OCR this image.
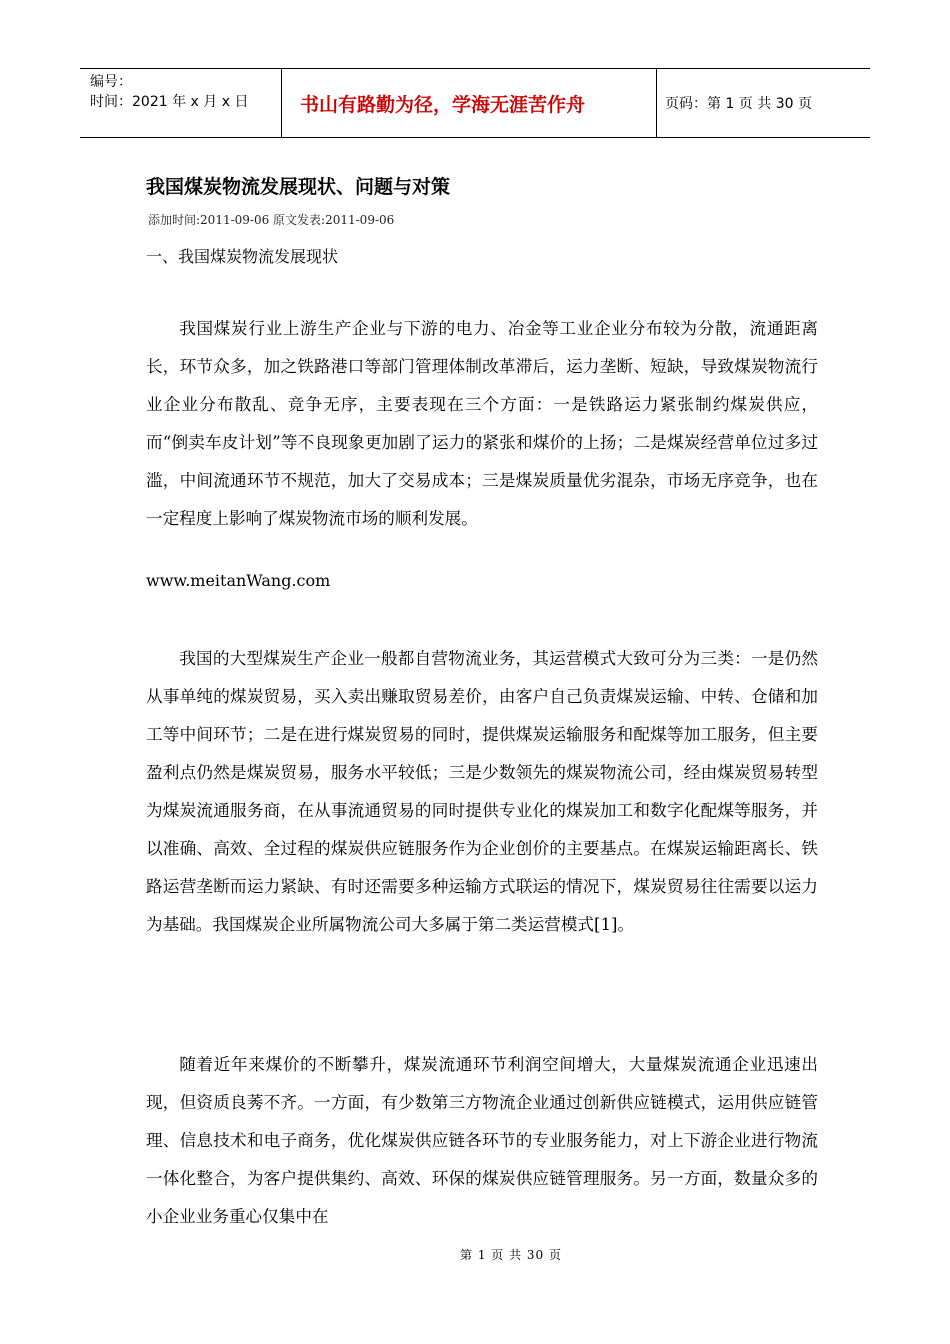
编号：
时间：2021 年 x 月 x 日	书山有路勤为径，学海无涯苦作舟	页码：第 1 页 共 30 页
我国煤炭物流发展现状、问题与对策
添加时间:2011-09-06 原文发表:2011-09-06
一、我国煤炭物流发展现状
我国煤炭行业上游生产企业与下游的电力、冶金等工业企业分布较为分散，流通距离长，环节众多，加之铁路港口等部门管理体制改革滞后，运力垄断、短缺，导致煤炭物流行业企业分布散乱、竞争无序，主要表现在三个方面：一是铁路运力紧张制约煤炭供应，而“倒卖车皮计划”等不良现象更加剧了运力的紧张和煤价的上扬；二是煤炭经营单位过多过滥，中间流通环节不规范，加大了交易成本；三是煤炭质量优劣混杂，市场无序竞争，也在一定程度上影响了煤炭物流市场的顺利发展。
www.meitanWang.com
我国的大型煤炭生产企业一般都自营物流业务，其运营模式大致可分为三类：一是仍然从事单纯的煤炭贸易，买入卖出赚取贸易差价，由客户自己负责煤炭运输、中转、仓储和加工等中间环节；二是在进行煤炭贸易的同时，提供煤炭运输服务和配煤等加工服务，但主要盈利点仍然是煤炭贸易，服务水平较低；三是少数领先的煤炭物流公司，经由煤炭贸易转型为煤炭流通服务商，在从事流通贸易的同时提供专业化的煤炭加工和数字化配煤等服务，并以准确、高效、全过程的煤炭供应链服务作为企业创价的主要基点。在煤炭运输距离长、铁路运营垄断而运力紧缺、有时还需要多种运输方式联运的情况下，煤炭贸易往往需要以运力为基础。我国煤炭企业所属物流公司大多属于第二类运营模式[1]。
随着近年来煤价的不断攀升，煤炭流通环节利润空间增大，大量煤炭流通企业迅速出现，但资质良莠不齐。一方面，有少数第三方物流企业通过创新供应链模式，运用供应链管理、信息技术和电子商务，优化煤炭供应链各环节的专业服务能力，对上下游企业进行物流一体化整合，为客户提供集约、高效、环保的煤炭供应链管理服务。另一方面，数量众多的小企业业务重心仅集中在
第 1 页 共 30 页
